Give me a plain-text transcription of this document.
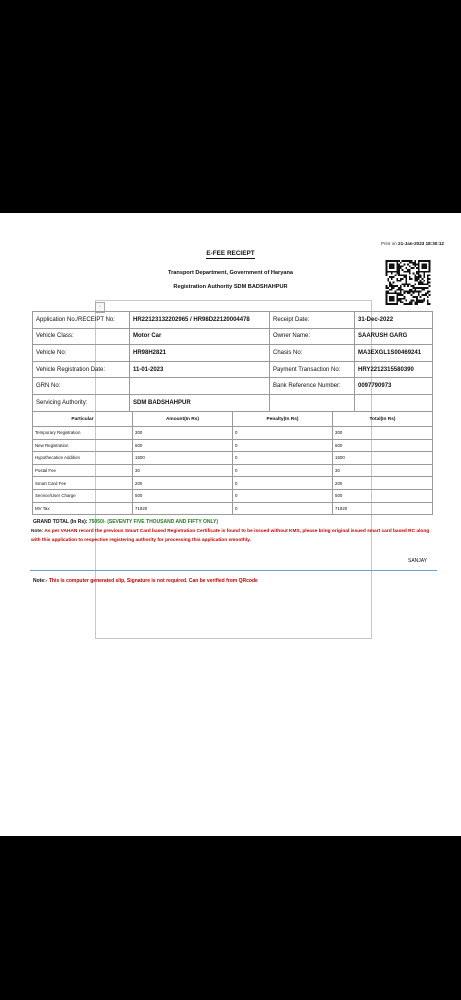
Print on 21-Jan-2023 18:30:12
E-FEE RECIEPT
Transport Department, Government of Haryana
Registration Authority SDM BADSHAHPUR
▫
Application No./RECEIPT No:	HR22123132202965 / HR98D22120004478	Receipt Date:	31-Dec-2022
Vehicle Class:	Motor Car	Owner Name:	SAARUSH GARG
Vehicle No:	HR98H2821	Chasis No:	MA3EXGL1S00469241
Vehicle Registration Date:	11-01-2023	Payment Transaction No:	HRY2212315580390
GRN No:		Bank Reference Number:	0097790973
Servicing Authority:	SDM BADSHAHPUR		
Particular	Amount(In Rs)	Penalty(In Rs)	Total(In Rs)
Temporary Registration	300	0	300
New Registration	600	0	600
Hypothecation Addition	1500	0	1500
Postal Fee	30	0	30
Smart Card Fee	200	0	200
Service/User Charge	500	0	500
MV Tax	71920	0	71920
GRAND TOTAL (In Rs): 75050/- (SEVENTY FIVE THOUSAND AND FIFTY ONLY)
Note: As per VAHAN record the previous Smart Card based Registration Certificate is found to be issued without KMS, please bring original issued smart card based RC along with this application to respective registering authority for processing this application smoothly.
SANJAY
Note:- This is computer generated slip, Signature is not required. Can be verified from QRcode
